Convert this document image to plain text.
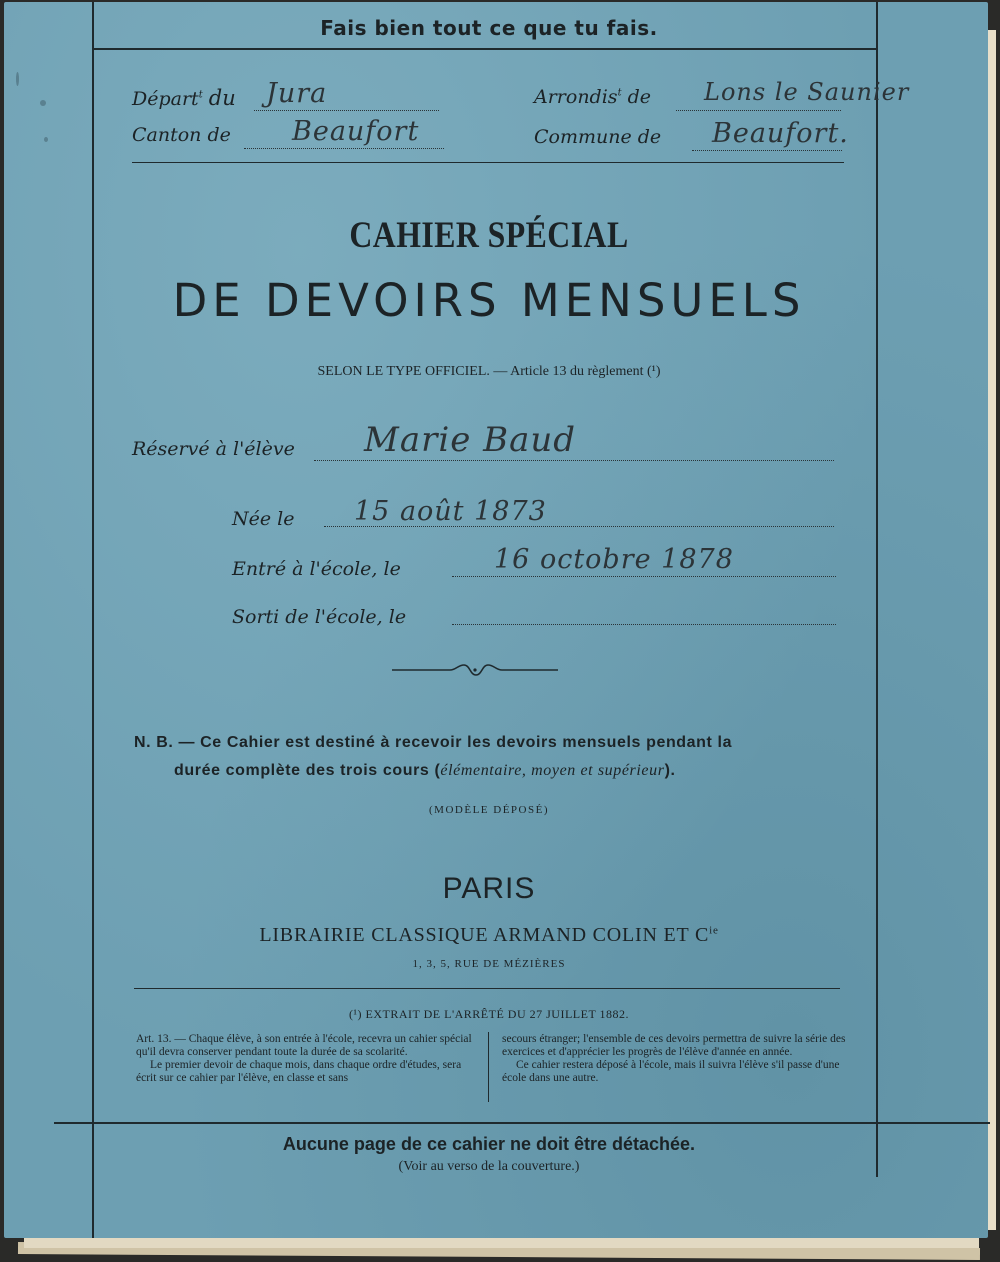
Fais bien tout ce que tu fais.
Départ$^t$ du Jura	Arrondis$^t$ de Lons le Saunier
Canton de Beaufort	Commune de Beaufort.
CAHIER SPÉCIAL
DE DEVOIRS MENSUELS
SELON LE TYPE OFFICIEL. — Article 13 du règlement (¹)
Réservé à l'élève Marie Baud
Née le 15 août 1873
Entré à l'école, le	16 octobre 1878
Sorti de l'école, le
N. B. — Ce Cahier est destiné à recevoir les devoirs mensuels pendant la
durée complète des trois cours (élémentaire, moyen et supérieur).
(MODÈLE DÉPOSÉ)
PARIS
LIBRAIRIE CLASSIQUE ARMAND COLIN ET $C^{ie}$
1, 3, 5, RUE DE MÉZIÈRES
(¹) EXTRAIT DE L'ARRÊTÉ DU 27 JUILLET 1882.
Art. 13. — Chaque élève, à son entrée à l'école, recevra un cahier spécial qu'il devra conserver pendant toute la durée de sa scolarité.
Le premier devoir de chaque mois, dans chaque ordre d'études, sera écrit sur ce cahier par l'élève, en classe et sans
secours étranger; l'ensemble de ces devoirs permettra de suivre la série des exercices et d'apprécier les progrès de l'élève d'année en année.
Ce cahier restera déposé à l'école, mais il suivra l'élève s'il passe d'une école dans une autre.
Aucune page de ce cahier ne doit être détachée.
(Voir au verso de la couverture.)
